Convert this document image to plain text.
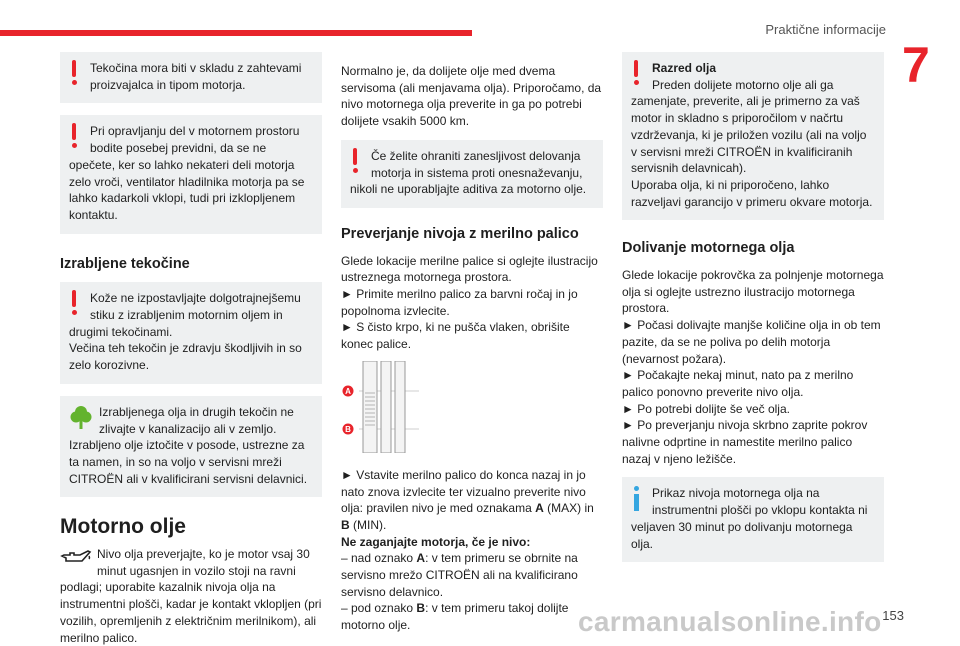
Praktične informacije
7

Tekočina mora biti v skladu z zahtevami proizvajalca in tipom motorja.

Pri opravljanju del v motornem prostoru bodite posebej previdni, da se ne

opečete, ker so lahko nekateri deli motorja zelo vroči, ventilator hladilnika motorja pa se lahko kadarkoli vklopi, tudi pri izklopljenem kontaktu.

Izrabljene tekočine

Kože ne izpostavljajte dolgotrajnejšemu stiku z izrabljenim motornim oljem in

drugimi tekočinami.

Večina teh tekočin je zdravju škodljivih in so zelo korozivne.

Izrabljenega olja in drugih tekočin ne zlivajte v kanalizacijo ali v zemljo.

Izrabljeno olje iztočite v posode, ustrezne za ta namen, in so na voljo v servisni mreži CITROËN ali v kvalificirani servisni delavnici.

Motorno olje

Nivo olja preverjajte, ko je motor vsaj 30 minut ugasnjen in vozilo stoji na ravni

podlagi; uporabite kazalnik nivoja olja na instrumentni plošči, kadar je kontakt vklopljen (pri vozilih, opremljenih z električnim merilnikom), ali merilno palico.

Normalno je, da dolijete olje med dvema servisoma (ali menjavama olja). Priporočamo, da nivo motornega olja preverite in ga po potrebi dolijete vsakih 5000 km.

Če želite ohraniti zanesljivost delovanja motorja in sistema proti onesnaževanju,

nikoli ne uporabljajte aditiva za motorno olje.

Preverjanje nivoja z merilno palico

Glede lokacije merilne palice si oglejte ilustracijo ustreznega motornega prostora.

► Primite merilno palico za barvni ročaj in jo popolnoma izvlecite.

► S čisto krpo, ki ne pušča vlaken, obrišite konec palice.

A
B

► Vstavite merilno palico do konca nazaj in jo nato znova izvlecite ter vizualno preverite nivo olja: pravilen nivo je med oznakama A (MAX) in B (MIN).

Ne zaganjajte motorja, če je nivo:

– nad oznako A: v tem primeru se obrnite na servisno mrežo CITROËN ali na kvalificirano servisno delavnico.

– pod oznako B: v tem primeru takoj dolijte motorno olje.

Razred olja

Preden dolijete motorno olje ali ga

zamenjate, preverite, ali je primerno za vaš motor in skladno s priporočilom v načrtu vzdrževanja, ki je priložen vozilu (ali na voljo v servisni mreži CITROËN in kvalificiranih servisnih delavnicah).

Uporaba olja, ki ni priporočeno, lahko razveljavi garancijo v primeru okvare motorja.

Dolivanje motornega olja

Glede lokacije pokrovčka za polnjenje motornega olja si oglejte ustrezno ilustracijo motornega prostora.

► Počasi dolivajte manjše količine olja in ob tem pazite, da se ne poliva po delih motorja (nevarnost požara).

► Počakajte nekaj minut, nato pa z merilno palico ponovno preverite nivo olja.

► Po potrebi dolijte še več olja.

► Po preverjanju nivoja skrbno zaprite pokrov nalivne odprtine in namestite merilno palico nazaj v njeno ležišče.

Prikaz nivoja motornega olja na instrumentni plošči po vklopu kontakta ni

veljaven 30 minut po dolivanju motornega olja.

153
carmanualsonline.info
